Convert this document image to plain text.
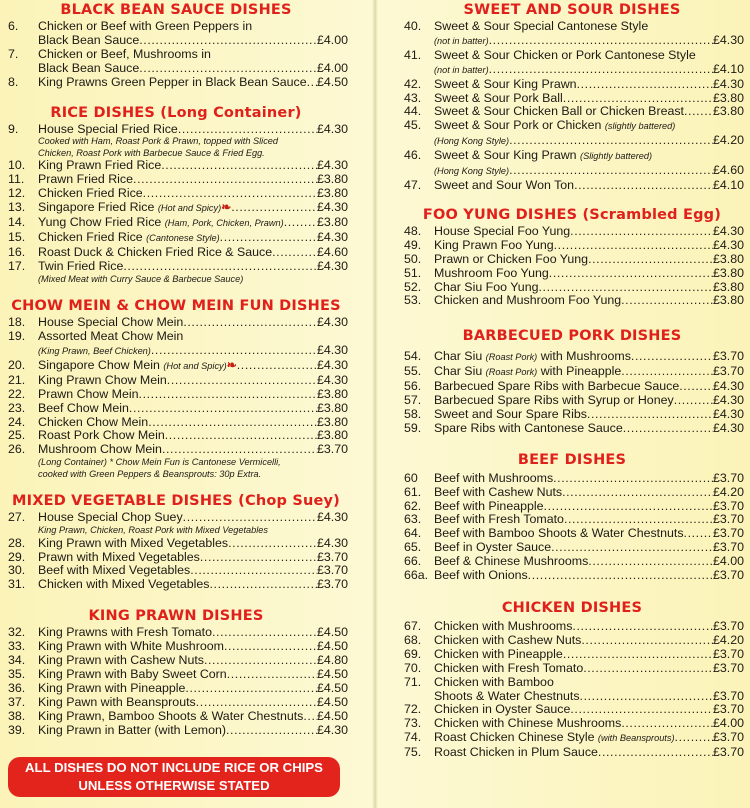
BLACK BEAN SAUCE DISHES
6. Chicken or Beef with Green Peppers in
Black Bean Sauce .....	£4.00
7. Chicken or Beef, Mushrooms in
Black Bean Sauce .....	£4.00
8. King Prawns Green Pepper in Black Bean Sauce ..... £4.50
RICE DISHES (Long Container)
9. House Special Fried Rice .....	£4.30
Cooked with Ham, Roast Pork & Prawn, topped with Sliced
Chicken, Roast Pork with Barbecue Sauce & Fried Egg.
10. King Prawn Fried Rice .....	£4.30
11. Prawn Fried Rice .....	£3.80
12. Chicken Fried Rice .....	£3.80
13. Singapore Fried Rice
(Hot and Spicy) ❧ .....	£4.30
14. Yung Chow Fried Rice
(Ham, Pork, Chicken, Prawn) .....	£3.80
15. Chicken Fried Rice
(Cantonese Style) .....	£4.30
16. Roast Duck & Chicken Fried Rice & Sauce .....	£4.60
17. Twin Fried Rice .....	£4.30
(Mixed Meat with Curry Sauce & Barbecue Sauce)
CHOW MEIN & CHOW MEIN FUN DISHES
18. House Special Chow Mein .....	£4.30
19. Assorted Meat Chow Mein
(King Prawn, Beef Chicken) .....	£4.30
20. Singapore Chow Mein
(Hot and Spicy) ❧ .....	£4.30
21. King Prawn Chow Mein .....	£4.30
22. Prawn Chow Mein .....	£3.80
23. Beef Chow Mein .....	£3.80
24. Chicken Chow Mein .....	£3.80
25. Roast Pork Chow Mein .....	£3.80
26. Mushroom Chow Mein .....	£3.70
(Long Container) * Chow Mein Fun is Cantonese Vermicelli,
cooked with Green Peppers & Beansprouts: 30p Extra.
MIXED VEGETABLE DISHES (Chop Suey)
27. House Special Chop Suey .....	£4.30
King Prawn, Chicken, Roast Pork with Mixed Vegetables
28. King Prawn with Mixed Vegetables .....	£4.30
29. Prawn with Mixed Vegetables .....	£3.70
30. Beef with Mixed Vegetables .....	£3.70
31. Chicken with Mixed Vegetables .....	£3.70
KING PRAWN DISHES
32. King Prawns with Fresh Tomato .....	£4.50
33. King Prawn with White Mushroom .....	£4.50
34. King Prawn with Cashew Nuts .....	£4.80
35. King Prawn with Baby Sweet Corn .....	£4.50
36. King Prawn with Pineapple .....	£4.50
37. King Pawn with Beansprouts .....	£4.50
38. King Prawn, Bamboo Shoots & Water Chestnuts ..... £4.50
39. King Prawn in Batter (with Lemon) .....	£4.30
ALL DISHES DO NOT INCLUDE RICE OR CHIPS
UNLESS OTHERWISE STATED
SWEET AND SOUR DISHES
40. Sweet & Sour Special Cantonese Style
(not in batter) .....	£4.30
41. Sweet & Sour Chicken or Pork Cantonese Style
(not in batter) .....	£4.10
42. Sweet & Sour King Prawn .....	£4.30
43. Sweet & Sour Pork Ball .....	£3.80
44. Sweet & Sour Chicken Ball or Chicken Breast ..... £3.80
45. Sweet & Sour Pork or Chicken
(slightly battered)
(Hong Kong Style) .....	£4.20
46. Sweet & Sour King Prawn
(Slightly battered)
(Hong Kong Style) .....	£4.60
47. Sweet and Sour Won Ton .....	£4.10
FOO YUNG DISHES (Scrambled Egg)
48. House Special Foo Yung .....	£4.30
49. King Prawn Foo Yung .....	£4.30
50. Prawn or Chicken Foo Yung .....	£3.80
51. Mushroom Foo Yung .....	£3.80
52. Char Siu Foo Yung .....	£3.80
53. Chicken and Mushroom Foo Yung .....	£3.80
BARBECUED PORK DISHES
54. Char Siu
(Roast Pork)
with Mushrooms .....	£3.70
55. Char Siu
(Roast Pork)
with Pineapple .....	£3.70
56. Barbecued Spare Ribs with Barbecue Sauce .....	£4.30
57. Barbecued Spare Ribs with Syrup or Honey .....	£4.30
58. Sweet and Sour Spare Ribs .....	£4.30
59. Spare Ribs with Cantonese Sauce .....	£4.30
BEEF DISHES
60 Beef with Mushrooms .....	£3.70
61. Beef with Cashew Nuts .....	£4.20
62. Beef with Pineapple .....	£3.70
63. Beef with Fresh Tomato .....	£3.70
64. Beef with Bamboo Shoots & Water Chestnuts ..... £3.70
65. Beef in Oyster Sauce .....	£3.70
66. Beef & Chinese Mushrooms .....	£4.00
66a. Beef with Onions .....	£3.70
CHICKEN DISHES
67. Chicken with Mushrooms .....	£3.70
68. Chicken with Cashew Nuts .....	£4.20
69. Chicken with Pineapple .....	£3.70
70. Chicken with Fresh Tomato .....	£3.70
71. Chicken with Bamboo
Shoots & Water Chestnuts .....	£3.70
72. Chicken in Oyster Sauce .....	£3.70
73. Chicken with Chinese Mushrooms .....	£4.00
74. Roast Chicken Chinese Style
(with Beansprouts) .....	£3.70
75. Roast Chicken in Plum Sauce .....	£3.70
